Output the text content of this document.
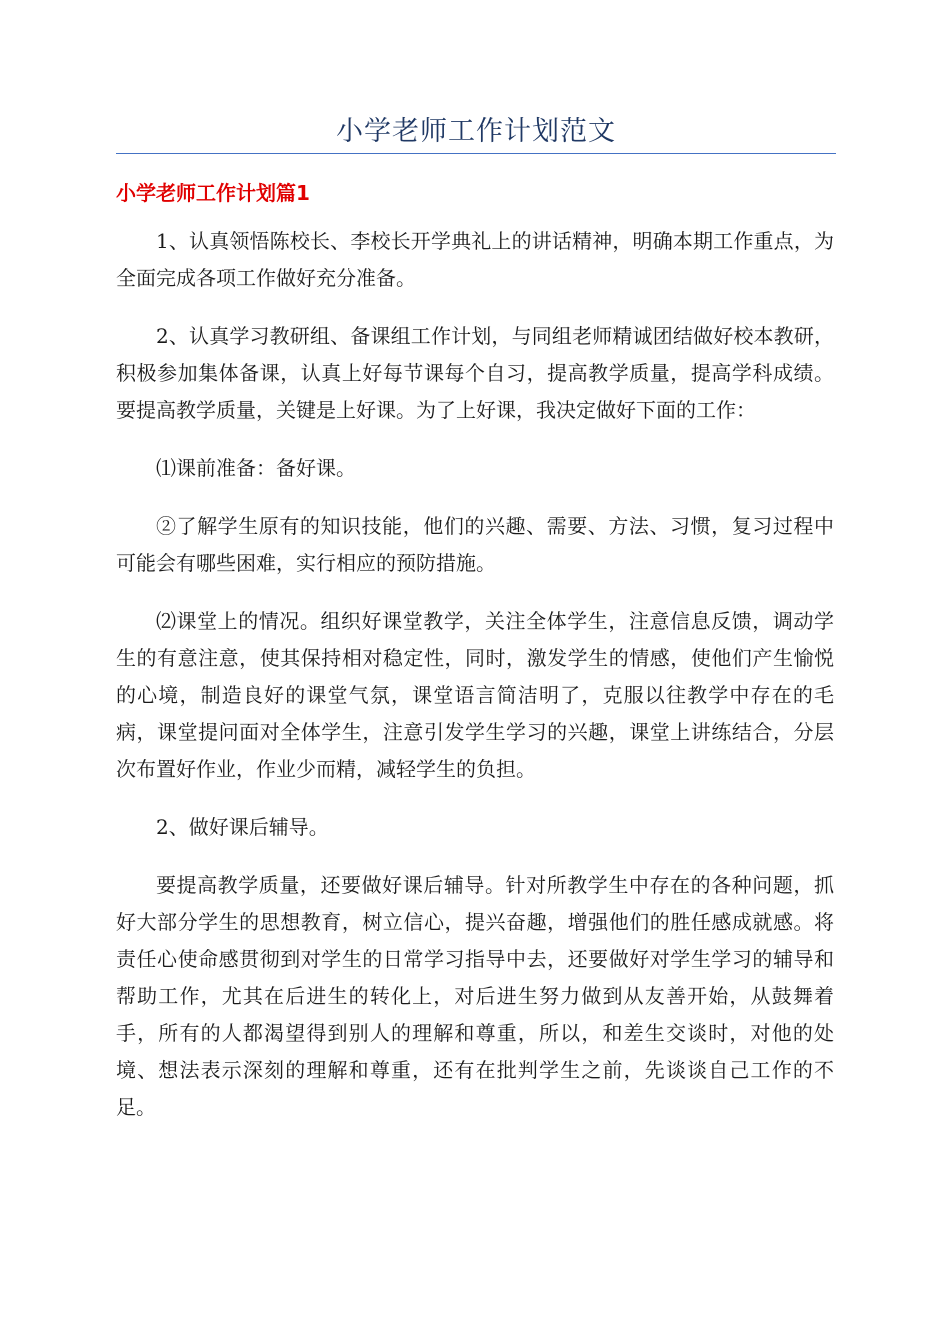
小学老师工作计划范文
小学老师工作计划篇1

1、认真领悟陈校长、李校长开学典礼上的讲话精神，明确本期工作重点，为全面完成各项工作做好充分准备。

2、认真学习教研组、备课组工作计划，与同组老师精诚团结做好校本教研，积极参加集体备课，认真上好每节课每个自习，提高教学质量，提高学科成绩。要提高教学质量，关键是上好课。为了上好课，我决定做好下面的工作：

⑴课前准备：备好课。

②了解学生原有的知识技能，他们的兴趣、需要、方法、习惯，复习过程中可能会有哪些困难，实行相应的预防措施。

⑵课堂上的情况。组织好课堂教学，关注全体学生，注意信息反馈，调动学生的有意注意，使其保持相对稳定性，同时，激发学生的情感，使他们产生愉悦的心境，制造良好的课堂气氛，课堂语言简洁明了，克服以往教学中存在的毛病，课堂提问面对全体学生，注意引发学生学习的兴趣，课堂上讲练结合，分层次布置好作业，作业少而精，减轻学生的负担。

2、做好课后辅导。

要提高教学质量，还要做好课后辅导。针对所教学生中存在的各种问题，抓好大部分学生的思想教育，树立信心，提兴奋趣，增强他们的胜任感成就感。将责任心使命感贯彻到对学生的日常学习指导中去，还要做好对学生学习的辅导和帮助工作，尤其在后进生的转化上，对后进生努力做到从友善开始，从鼓舞着手，所有的人都渴望得到别人的理解和尊重，所以，和差生交谈时，对他的处境、想法表示深刻的理解和尊重，还有在批判学生之前，先谈谈自己工作的不足。
